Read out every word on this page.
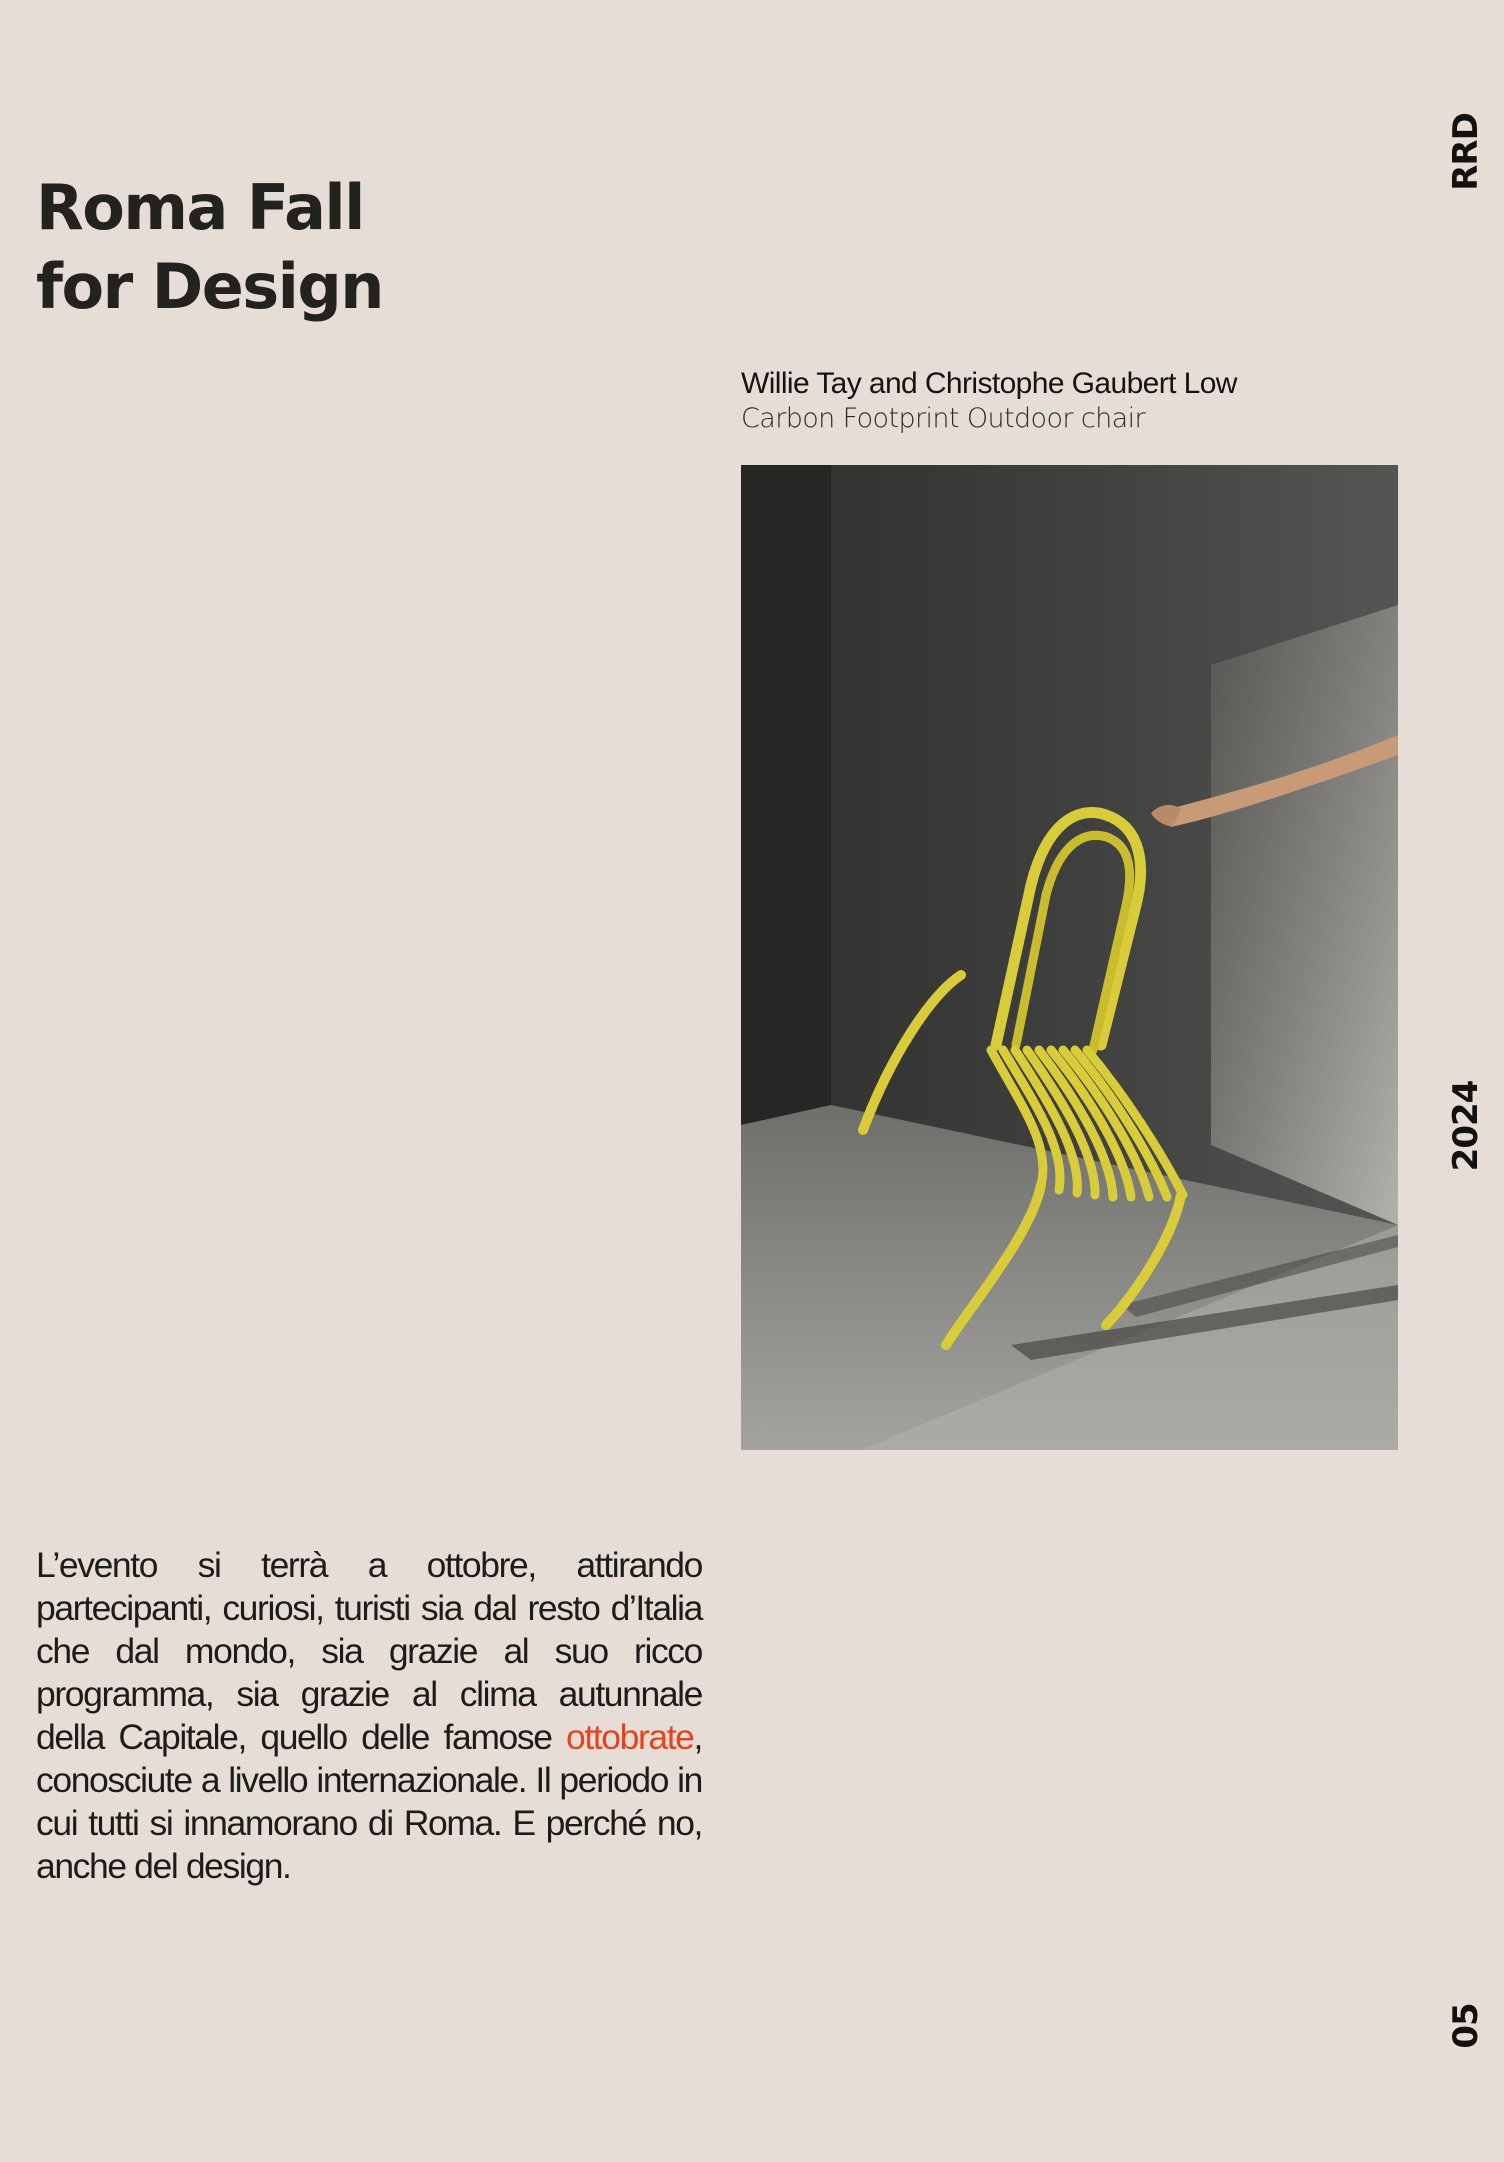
Roma Fall
for Design
RRD
2024
05
Willie Tay and Christophe Gaubert Low
Carbon Footprint Outdoor chair

L’evento si terrà a ottobre, attirando partecipanti, curiosi, turisti sia dal resto d’Italia che dal mondo, sia grazie al suo ricco programma, sia grazie al clima autunnale della Capitale, quello delle famose ottobrate, conosciute a livello internazionale. Il periodo in cui tutti si innamorano di Roma. E perché no, anche del design.
